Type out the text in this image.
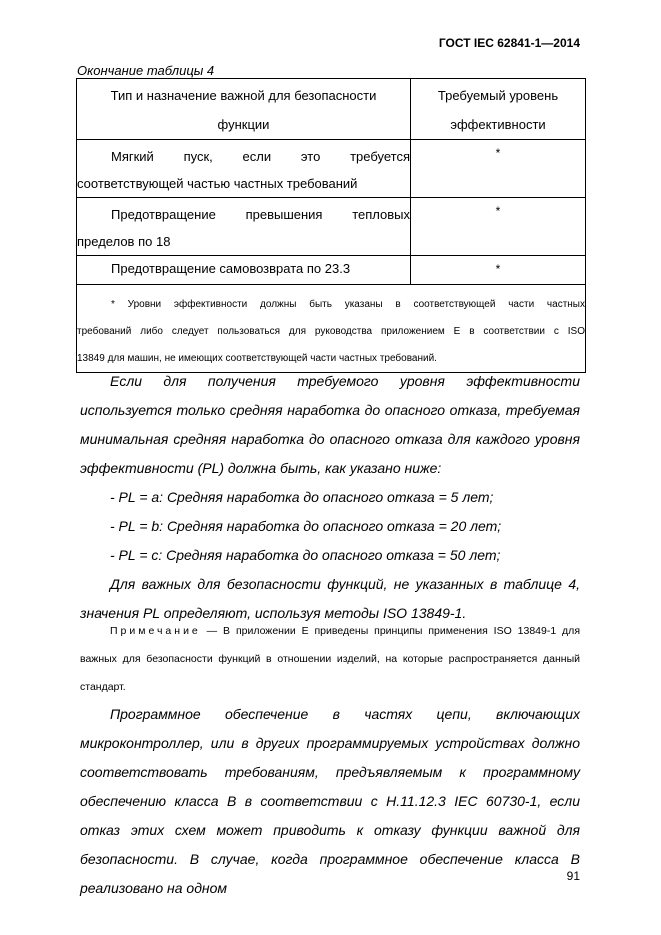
ГОСТ IEC 62841-1—2014
Окончание таблицы 4
Тип и назначение важной для безопасности
функции	Требуемый уровень
эффективности

Мягкий пуск, если это требуется
соответствующей частью частных требований	*

Предотвращение превышения тепловых
пределов по 18	*

Предотвращение самовозврата по 23.3	*

* Уровни эффективности должны быть указаны в соответствующей части частных
требований либо следует пользоваться для руководства приложением Е в соответствии с ISO
13849 для машин, не имеющих соответствующей части частных требований.	

Если для получения требуемого уровня эффективности используется только средняя наработка до опасного отказа, требуемая минимальная средняя наработка до опасного отказа для каждого уровня эффективности (PL) должна быть, как указано ниже:

- PL = a: Средняя наработка до опасного отказа = 5 лет;

- PL = b: Средняя наработка до опасного отказа = 20 лет;

- PL = c: Средняя наработка до опасного отказа = 50 лет;

Для важных для безопасности функций, не указанных в таблице 4, значения PL определяют, используя методы ISO 13849-1.

Примечание — В приложении Е приведены принципы применения ISO 13849-1 для важных для безопасности функций в отношении изделий, на которые распространяется данный стандарт.

Программное обеспечение в частях цепи, включающих микроконтроллер, или в других программируемых устройствах должно соответствовать требованиям, предъявляемым к программному обеспечению класса В в соответствии с Н.11.12.3 IEC 60730-1, если отказ этих схем может приводить к отказу функции важной для безопасности. В случае, когда программное обеспечение класса В реализовано на одном

91
